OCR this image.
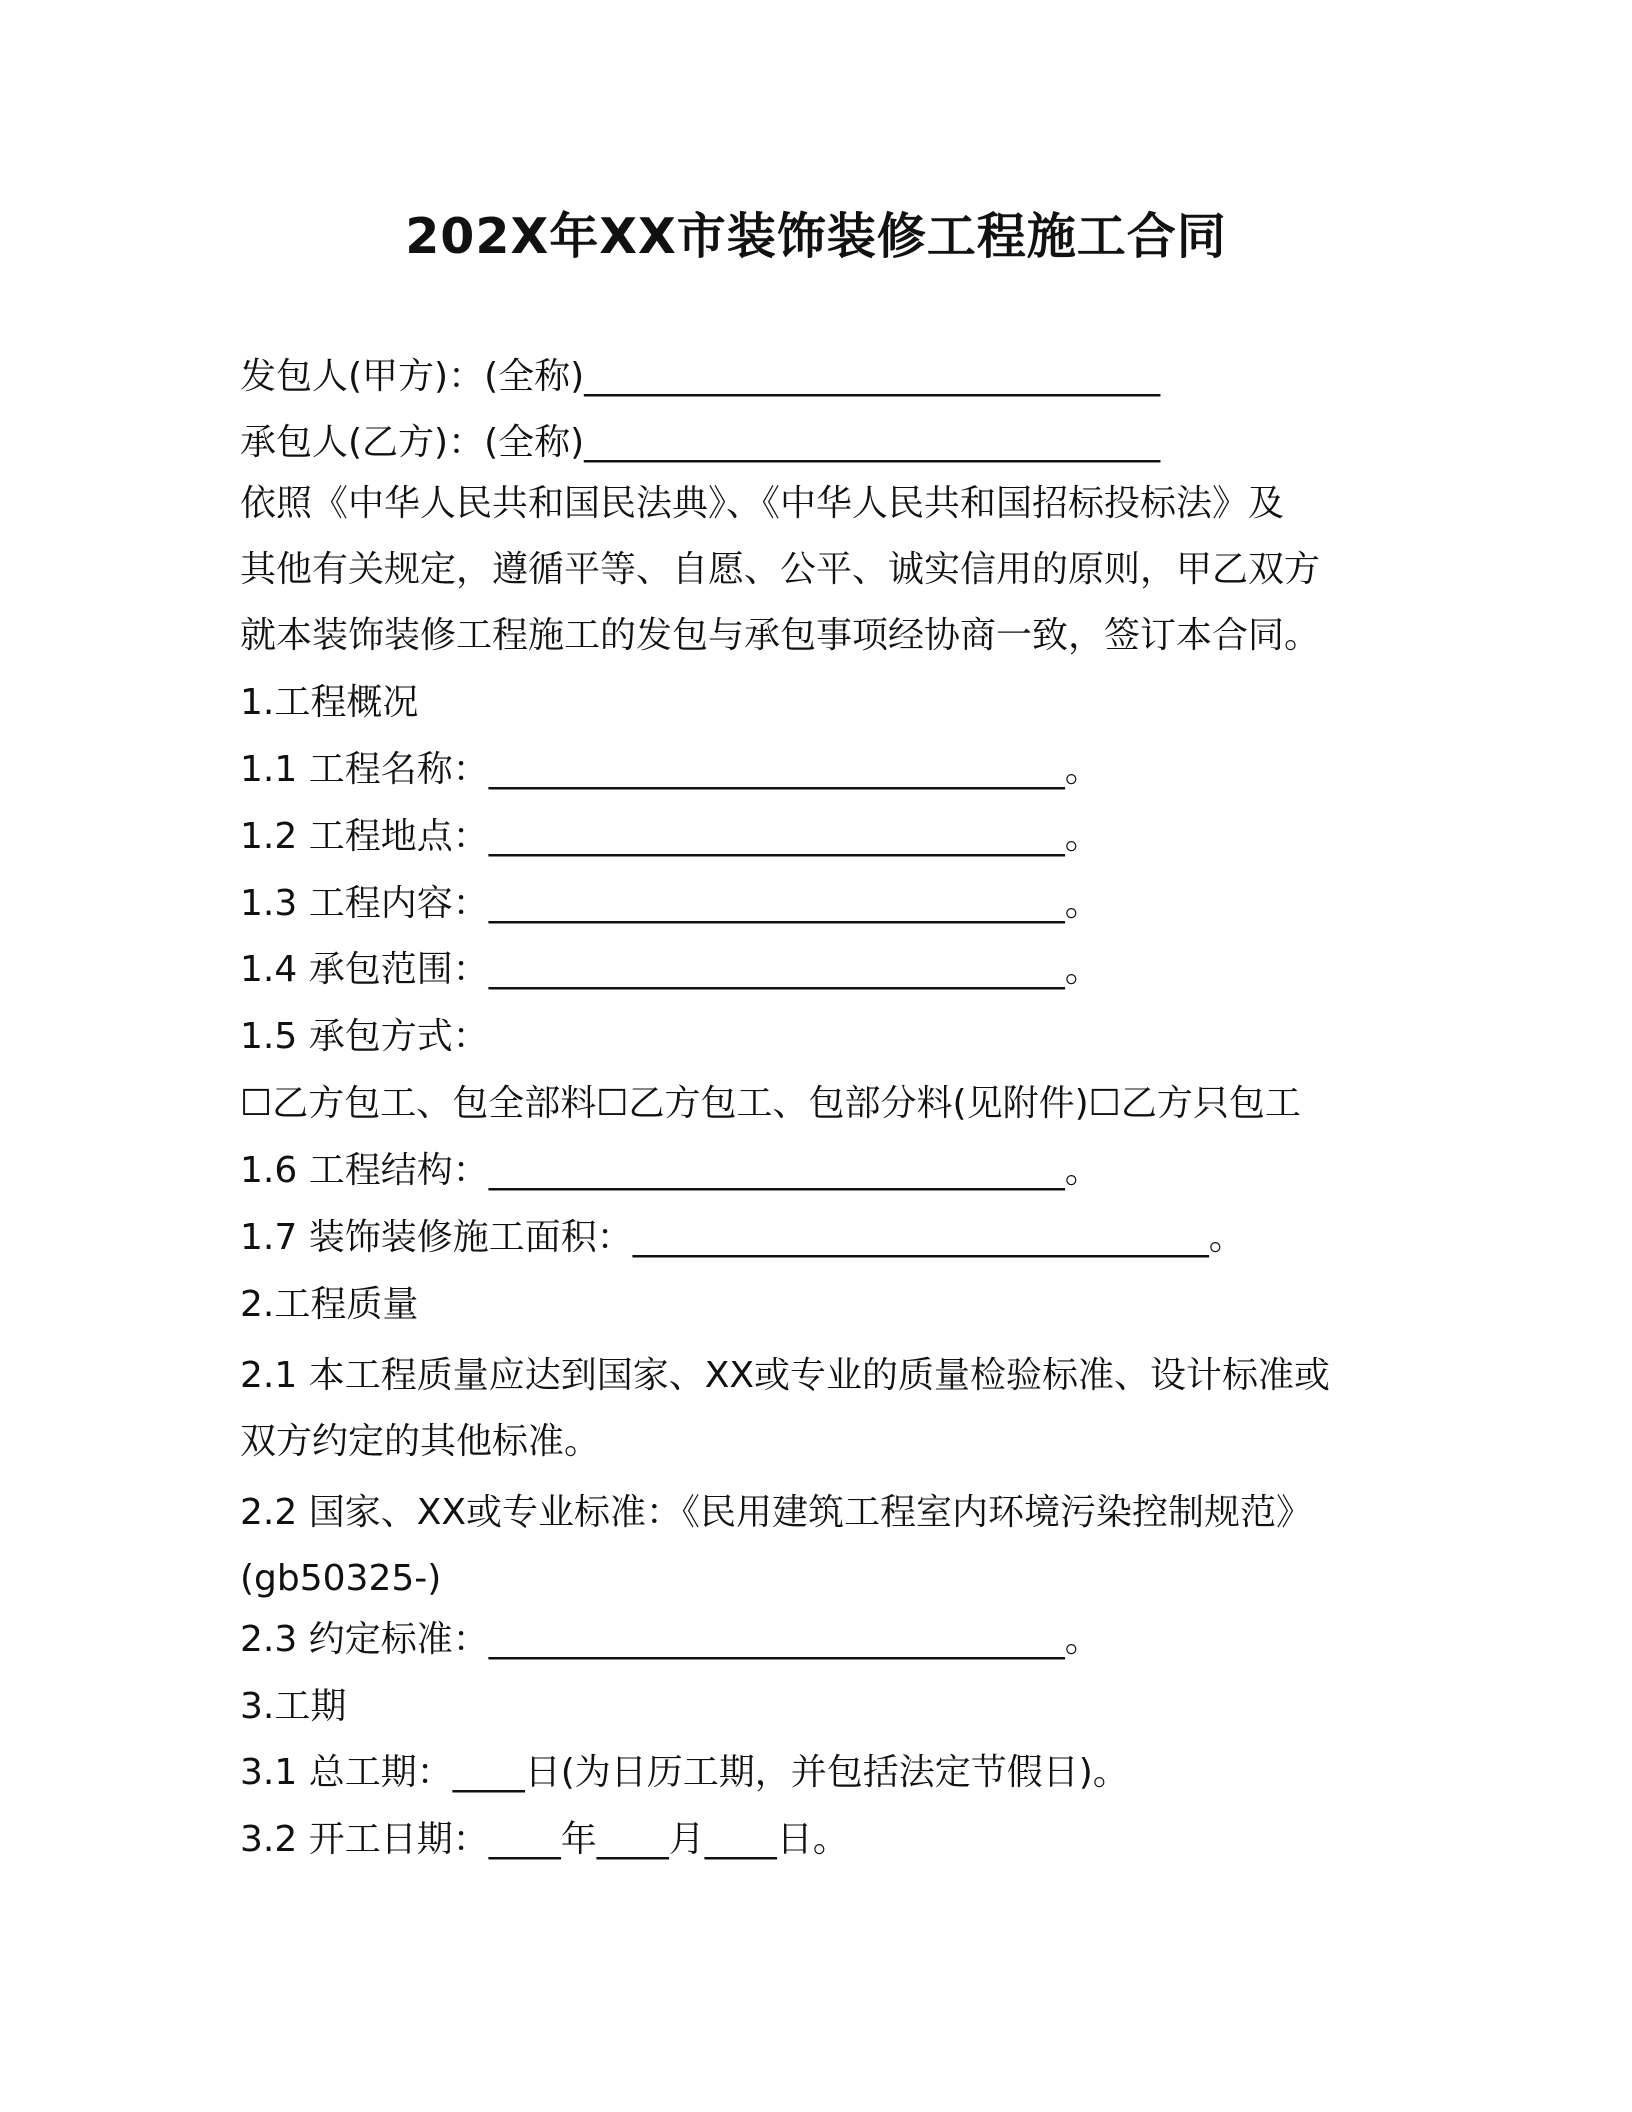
202X年XX市装饰装修工程施工合同
发包人(甲方)：(全称)________________________________
承包人(乙方)：(全称)________________________________
依照《中华人民共和国民法典》、《中华人民共和国招标投标法》及
其他有关规定，遵循平等、自愿、公平、诚实信用的原则，甲乙双方
就本装饰装修工程施工的发包与承包事项经协商一致，签订本合同。
1.工程概况
1.1 工程名称：________________________________。
1.2 工程地点：________________________________。
1.3 工程内容：________________________________。
1.4 承包范围：________________________________。
1.5 承包方式：
☐乙方包工、包全部料☐乙方包工、包部分料(见附件)☐乙方只包工
1.6 工程结构：________________________________。
1.7 装饰装修施工面积：________________________________。
2.工程质量
2.1 本工程质量应达到国家、XX或专业的质量检验标准、设计标准或
双方约定的其他标准。
2.2 国家、XX或专业标准：《民用建筑工程室内环境污染控制规范》
(gb50325-)
2.3 约定标准：________________________________。
3.工期
3.1 总工期：____日(为日历工期，并包括法定节假日)。
3.2 开工日期：____年____月____日。
